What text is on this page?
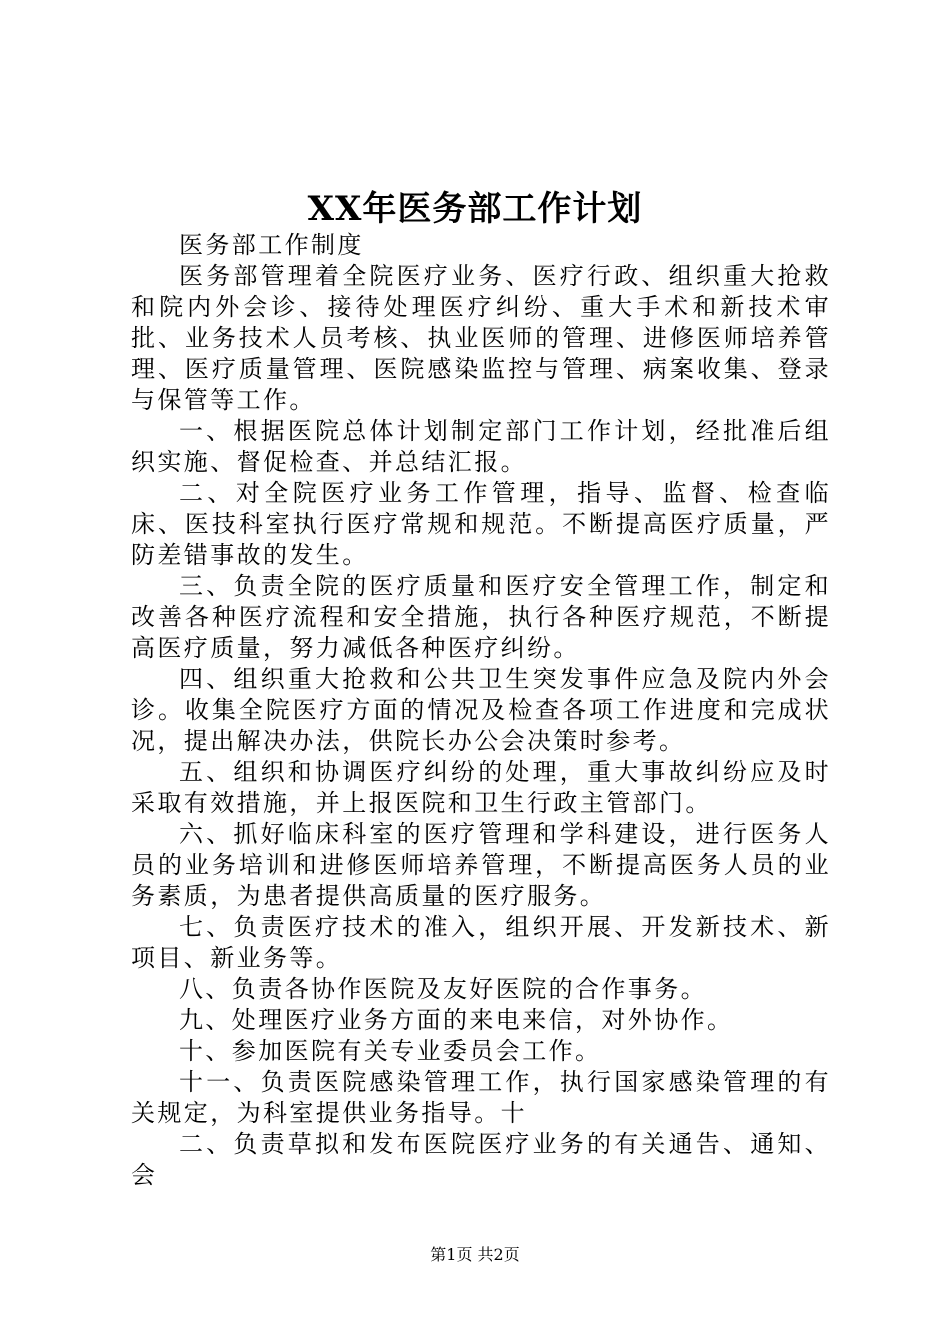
XX年医务部工作计划

医务部工作制度

医务部管理着全院医疗业务、医疗行政、组织重大抢救和院内外会诊、接待处理医疗纠纷、重大手术和新技术审批、业务技术人员考核、执业医师的管理、进修医师培养管理、医疗质量管理、医院感染监控与管理、病案收集、登录与保管等工作。

一、根据医院总体计划制定部门工作计划，经批准后组织实施、督促检查、并总结汇报。

二、对全院医疗业务工作管理，指导、监督、检查临床、医技科室执行医疗常规和规范。不断提高医疗质量，严防差错事故的发生。

三、负责全院的医疗质量和医疗安全管理工作，制定和改善各种医疗流程和安全措施，执行各种医疗规范，不断提高医疗质量，努力减低各种医疗纠纷。

四、组织重大抢救和公共卫生突发事件应急及院内外会诊。收集全院医疗方面的情况及检查各项工作进度和完成状况，提出解决办法，供院长办公会决策时参考。

五、组织和协调医疗纠纷的处理，重大事故纠纷应及时采取有效措施，并上报医院和卫生行政主管部门。

六、抓好临床科室的医疗管理和学科建设，进行医务人员的业务培训和进修医师培养管理，不断提高医务人员的业务素质，为患者提供高质量的医疗服务。

七、负责医疗技术的准入，组织开展、开发新技术、新项目、新业务等。

八、负责各协作医院及友好医院的合作事务。

九、处理医疗业务方面的来电来信，对外协作。

十、参加医院有关专业委员会工作。

十一、负责医院感染管理工作，执行国家感染管理的有关规定，为科室提供业务指导。十

二、负责草拟和发布医院医疗业务的有关通告、通知、会

第1页 共2页
